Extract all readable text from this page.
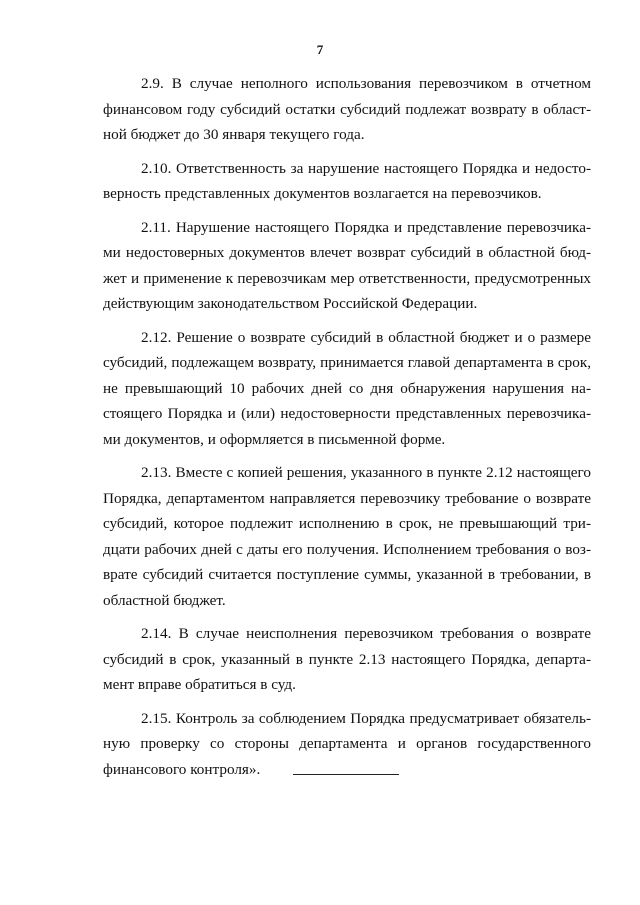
7

2.9. В случае неполного использования перевозчиком в отчетном финансовом году субсидий остатки субсидий подлежат возврату в областной бюджет до 30 января текущего года.

2.10. Ответственность за нарушение настоящего Порядка и недостоверность представленных документов возлагается на перевозчиков.

2.11. Нарушение настоящего Порядка и представление перевозчиками недостоверных документов влечет возврат субсидий в областной бюджет и применение к перевозчикам мер ответственности, предусмотренных действующим законодательством Российской Федерации.

2.12. Решение о возврате субсидий в областной бюджет и о размере субсидий, подлежащем возврату, принимается главой департамента в срок, не превышающий 10 рабочих дней со дня обнаружения нарушения настоящего Порядка и (или) недостоверности представленных перевозчиками документов, и оформляется в письменной форме.

2.13. Вместе с копией решения, указанного в пункте 2.12 настоящего Порядка, департаментом направляется перевозчику требование о возврате субсидий, которое подлежит исполнению в срок, не превышающий тридцати рабочих дней с даты его получения. Исполнением требования о возврате субсидий считается поступление суммы, указанной в требовании, в областной бюджет.

2.14. В случае неисполнения перевозчиком требования о возврате субсидий в срок, указанный в пункте 2.13 настоящего Порядка, департамент вправе обратиться в суд.

2.15. Контроль за соблюдением Порядка предусматривает обязательную проверку со стороны департамента и органов государственного финансового контроля».
